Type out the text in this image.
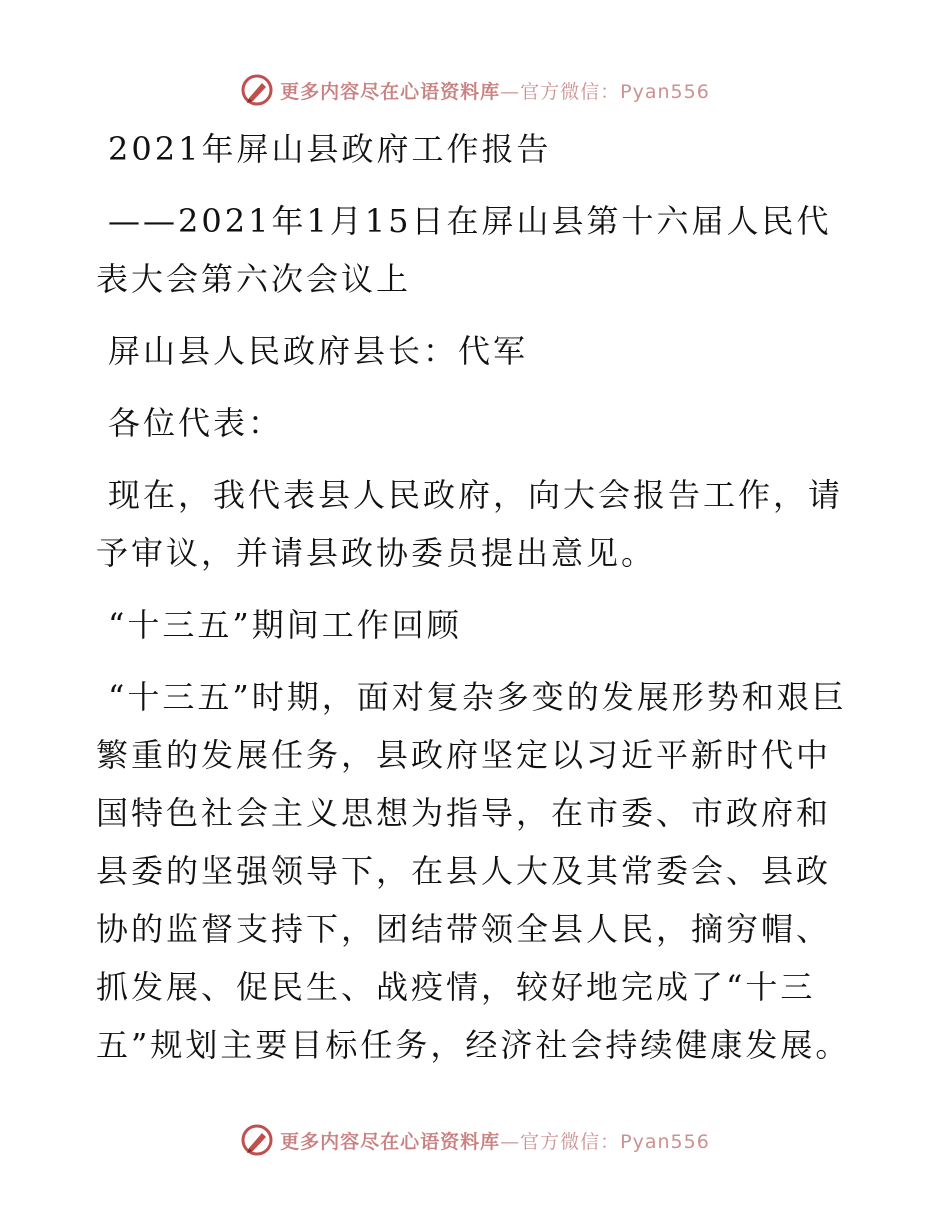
更多内容尽在心语资料库—官方微信：Pyan556

2021年屏山县政府工作报告

——2021年1月15日在屏山县第十六届人民代表大会第六次会议上

屏山县人民政府县长：代军

各位代表：

现在，我代表县人民政府，向大会报告工作，请予审议，并请县政协委员提出意见。

“十三五”期间工作回顾

“十三五”时期，面对复杂多变的发展形势和艰巨繁重的发展任务，县政府坚定以习近平新时代中国特色社会主义思想为指导，在市委、市政府和县委的坚强领导下，在县人大及其常委会、县政协的监督支持下，团结带领全县人民，摘穷帽、抓发展、促民生、战疫情，较好地完成了“十三五”规划主要目标任务，经济社会持续健康发展。

更多内容尽在心语资料库—官方微信：Pyan556
